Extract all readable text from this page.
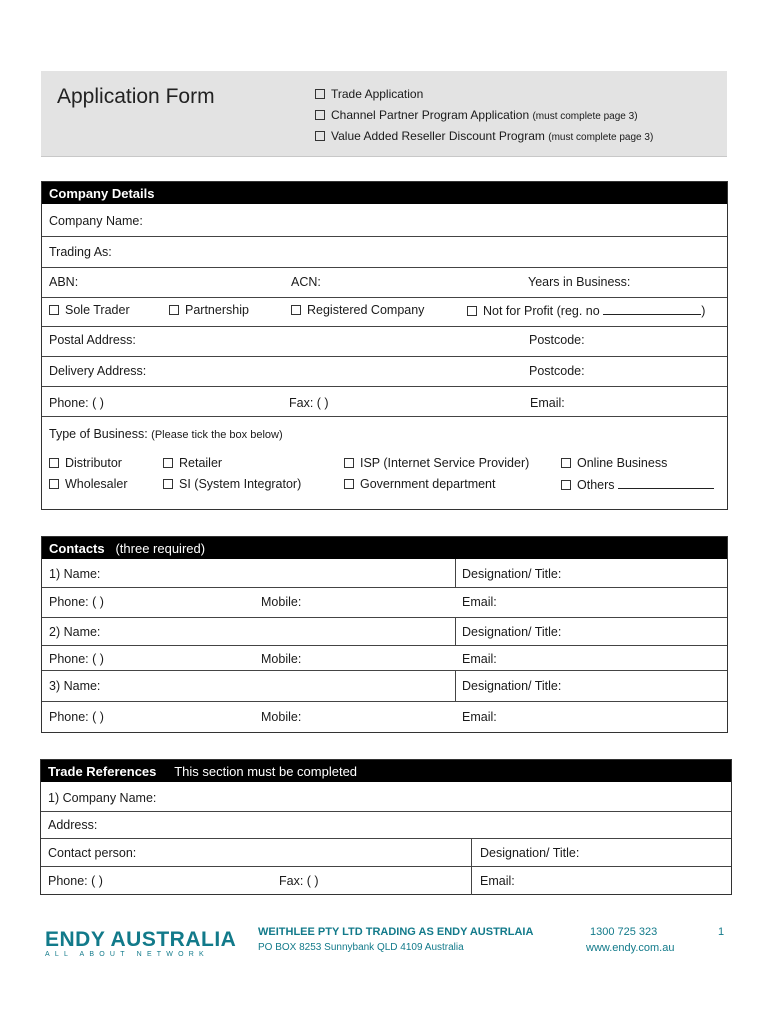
Application Form	Trade Application
Channel Partner Program Application (must complete page 3)
Value Added Reseller Discount Program (must complete page 3)
Company Details
Company Name:
Trading As:
ABN:	ACN:	Years in Business:
Sole Trader	Partnership	Registered Company	Not for Profit (reg. no	)
Postal Address:	Postcode:
Delivery Address:	Postcode:
Phone: ( )	Fax: ( )	Email:
Type of Business: (Please tick the box below)
Distributor	Retailer	ISP (Internet Service Provider)	Online Business
Wholesaler	SI (System Integrator)	Government department	Others
Contacts (three required)
1) Name:	Designation/ Title:
Phone: ( )	Mobile:	Email:
2) Name:	Designation/ Title:
Phone: ( )	Mobile:	Email:
3) Name:	Designation/ Title:
Phone: ( )	Mobile:	Email:
Trade References This section must be completed
1) Company Name:
Address:
Contact person:	Designation/ Title:
Phone: ( )	Fax: ( )	Email:
ENDY AUSTRALIA
ALL ABOUT NETWORK
WEITHLEE PTY LTD TRADING AS ENDY AUSTRLAIA
PO BOX 8253 Sunnybank QLD 4109 Australia
1300 725 323
www.endy.com.au
1
